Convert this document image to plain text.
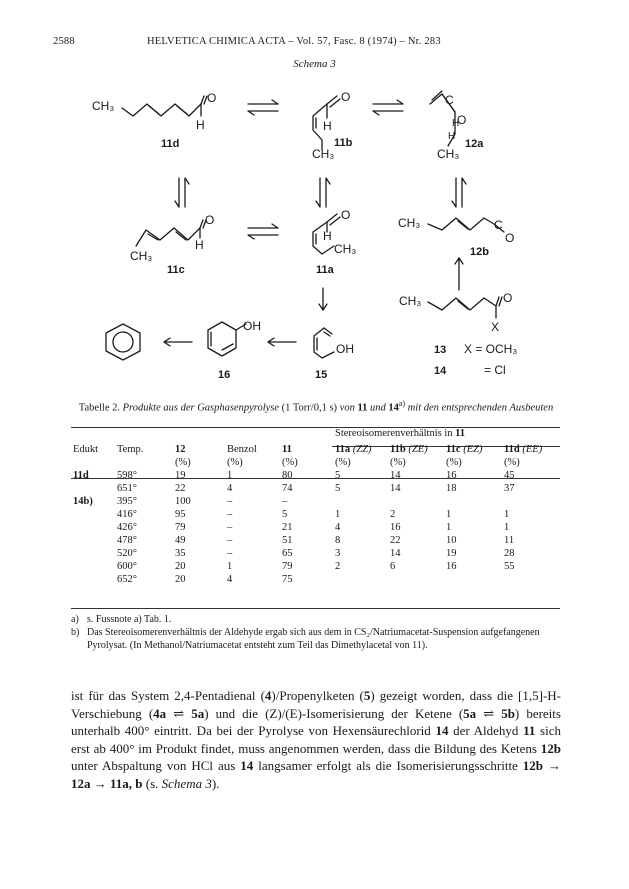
2588	HELVETICA CHIMICA ACTA – Vol. 57, Fasc. 8 (1974) – Nr. 283
Schema 3
CH₃
O
H
11d
O
H
CH₃
11b
C
O
H
H
CH₃
12a
CH₃
O
H
11c
O
H
CH₃
11a
CH₃	C
O
12b
CH₃	O
X
OH
15
OH
16
13 X = OCH₃
14	= Cl
Tabelle 2. Produkte aus der Gasphasenpyrolyse (1 Torr/0,1 s) von 11 und 14$^{a)}$ mit den entsprechenden Ausbeuten
					Stereoisomerenverhältnis in 11			
Edukt	Temp.	12	Benzol	11	11a (ZZ)	11b (ZE)	11c (EZ)	11d (EE)
		(%)	(%)	(%)	(%)	(%)	(%)	(%)
11d	598°	19	1	80	5	14	16	45
	651°	22	4	74	5	14	18	37
14b)	395°	100	–	–				
	416°	95	–	5	1	2	1	1
	426°	79	–	21	4	16	1	1
	478°	49	–	51	8	22	10	11
	520°	35	–	65	3	14	19	28
	600°	20	1	79	2	6	16	55
	652°	20	4	75				
a) s. Fussnote a) Tab. 1.
b) Das Stereoisomerenverhältnis der Aldehyde ergab sich aus dem in CS₂/Natriumacetat-Suspension aufgefangenen Pyrolysat. (In Methanol/Natriumacetat entsteht zum Teil das Dimethylacetal von 11).
ist für das System 2,4-Pentadienal (4)/Propenylketen (5) gezeigt worden, dass die [1,5]-H-Verschiebung (4a ⇌ 5a) und die (Z)/(E)-Isomerisierung der Ketene (5a ⇌ 5b) bereits unterhalb 400° eintritt. Da bei der Pyrolyse von Hexensäurechlorid 14 der Aldehyd 11 sich erst ab 400° im Produkt findet, muss angenommen werden, dass die Bildung des Ketens 12b unter Abspaltung von HCl aus 14 langsamer erfolgt als die Isomerisierungsschritte 12b → 12a → 11a, b (s. Schema 3).
